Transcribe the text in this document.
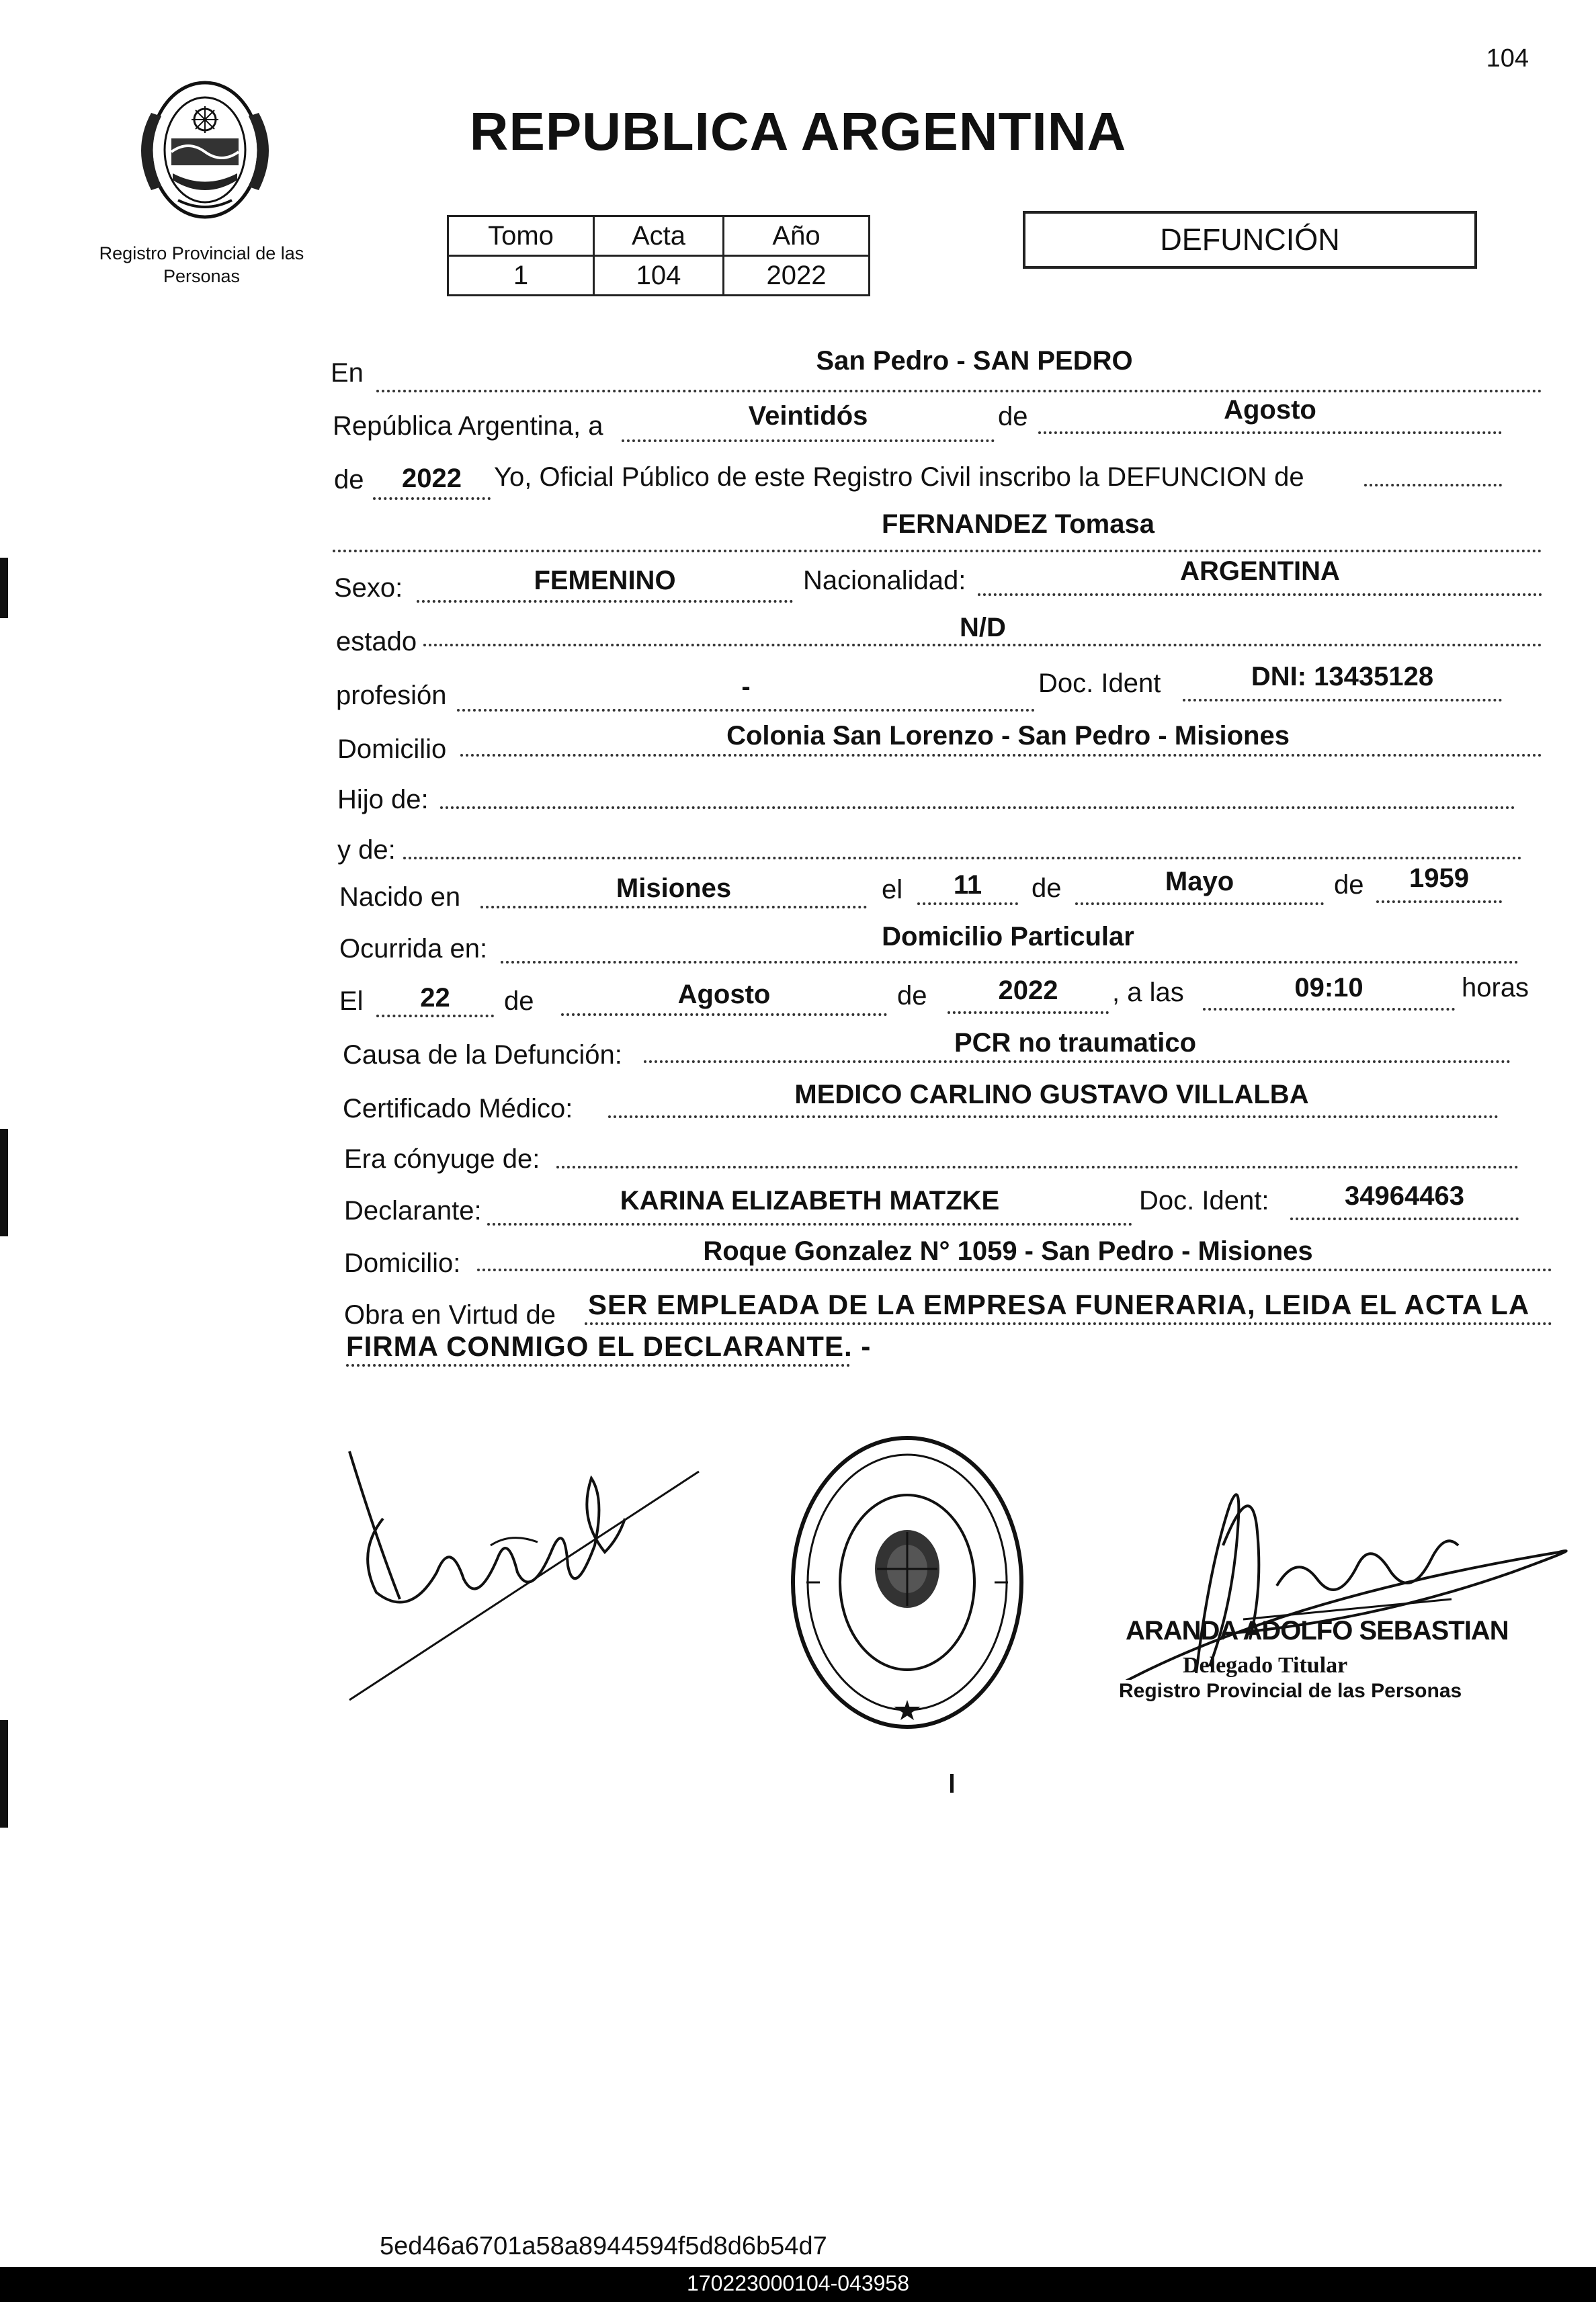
104
Registro Provincial de las Personas
REPUBLICA ARGENTINA
Tomo	Acta	Año
1	104	2022
DEFUNCIÓN
En	San Pedro - SAN PEDRO
República Argentina, a	Veintidós	de	Agosto
de	2022	Yo, Oficial Público de este Registro Civil inscribo la DEFUNCION de
FERNANDEZ Tomasa
Sexo:	FEMENINO	Nacionalidad:	ARGENTINA
estado	N/D
profesión	-	Doc. Ident	DNI: 13435128
Domicilio	Colonia San Lorenzo - San Pedro - Misiones
Hijo de:
y de:
Nacido en	Misiones	el	11	de	Mayo	de	1959
Ocurrida en:	Domicilio Particular
El	22	de	Agosto	de	2022	, a las	09:10	horas
Causa de la Defunción:	PCR no traumatico
Certificado Médico:	MEDICO CARLINO GUSTAVO VILLALBA
Era cónyuge de:
Declarante:	KARINA ELIZABETH MATZKE	Doc. Ident:	34964463
Domicilio:	Roque Gonzalez N° 1059 - San Pedro - Misiones
Obra en Virtud de SER EMPLEADA DE LA EMPRESA FUNERARIA, LEIDA EL ACTA LA
FIRMA CONMIGO EL DECLARANTE. -
ARANDA ADOLFO SEBASTIAN
Delegado Titular
Registro Provincial de las Personas
5ed46a6701a58a8944594f5d8d6b54d7
170223000104-043958
